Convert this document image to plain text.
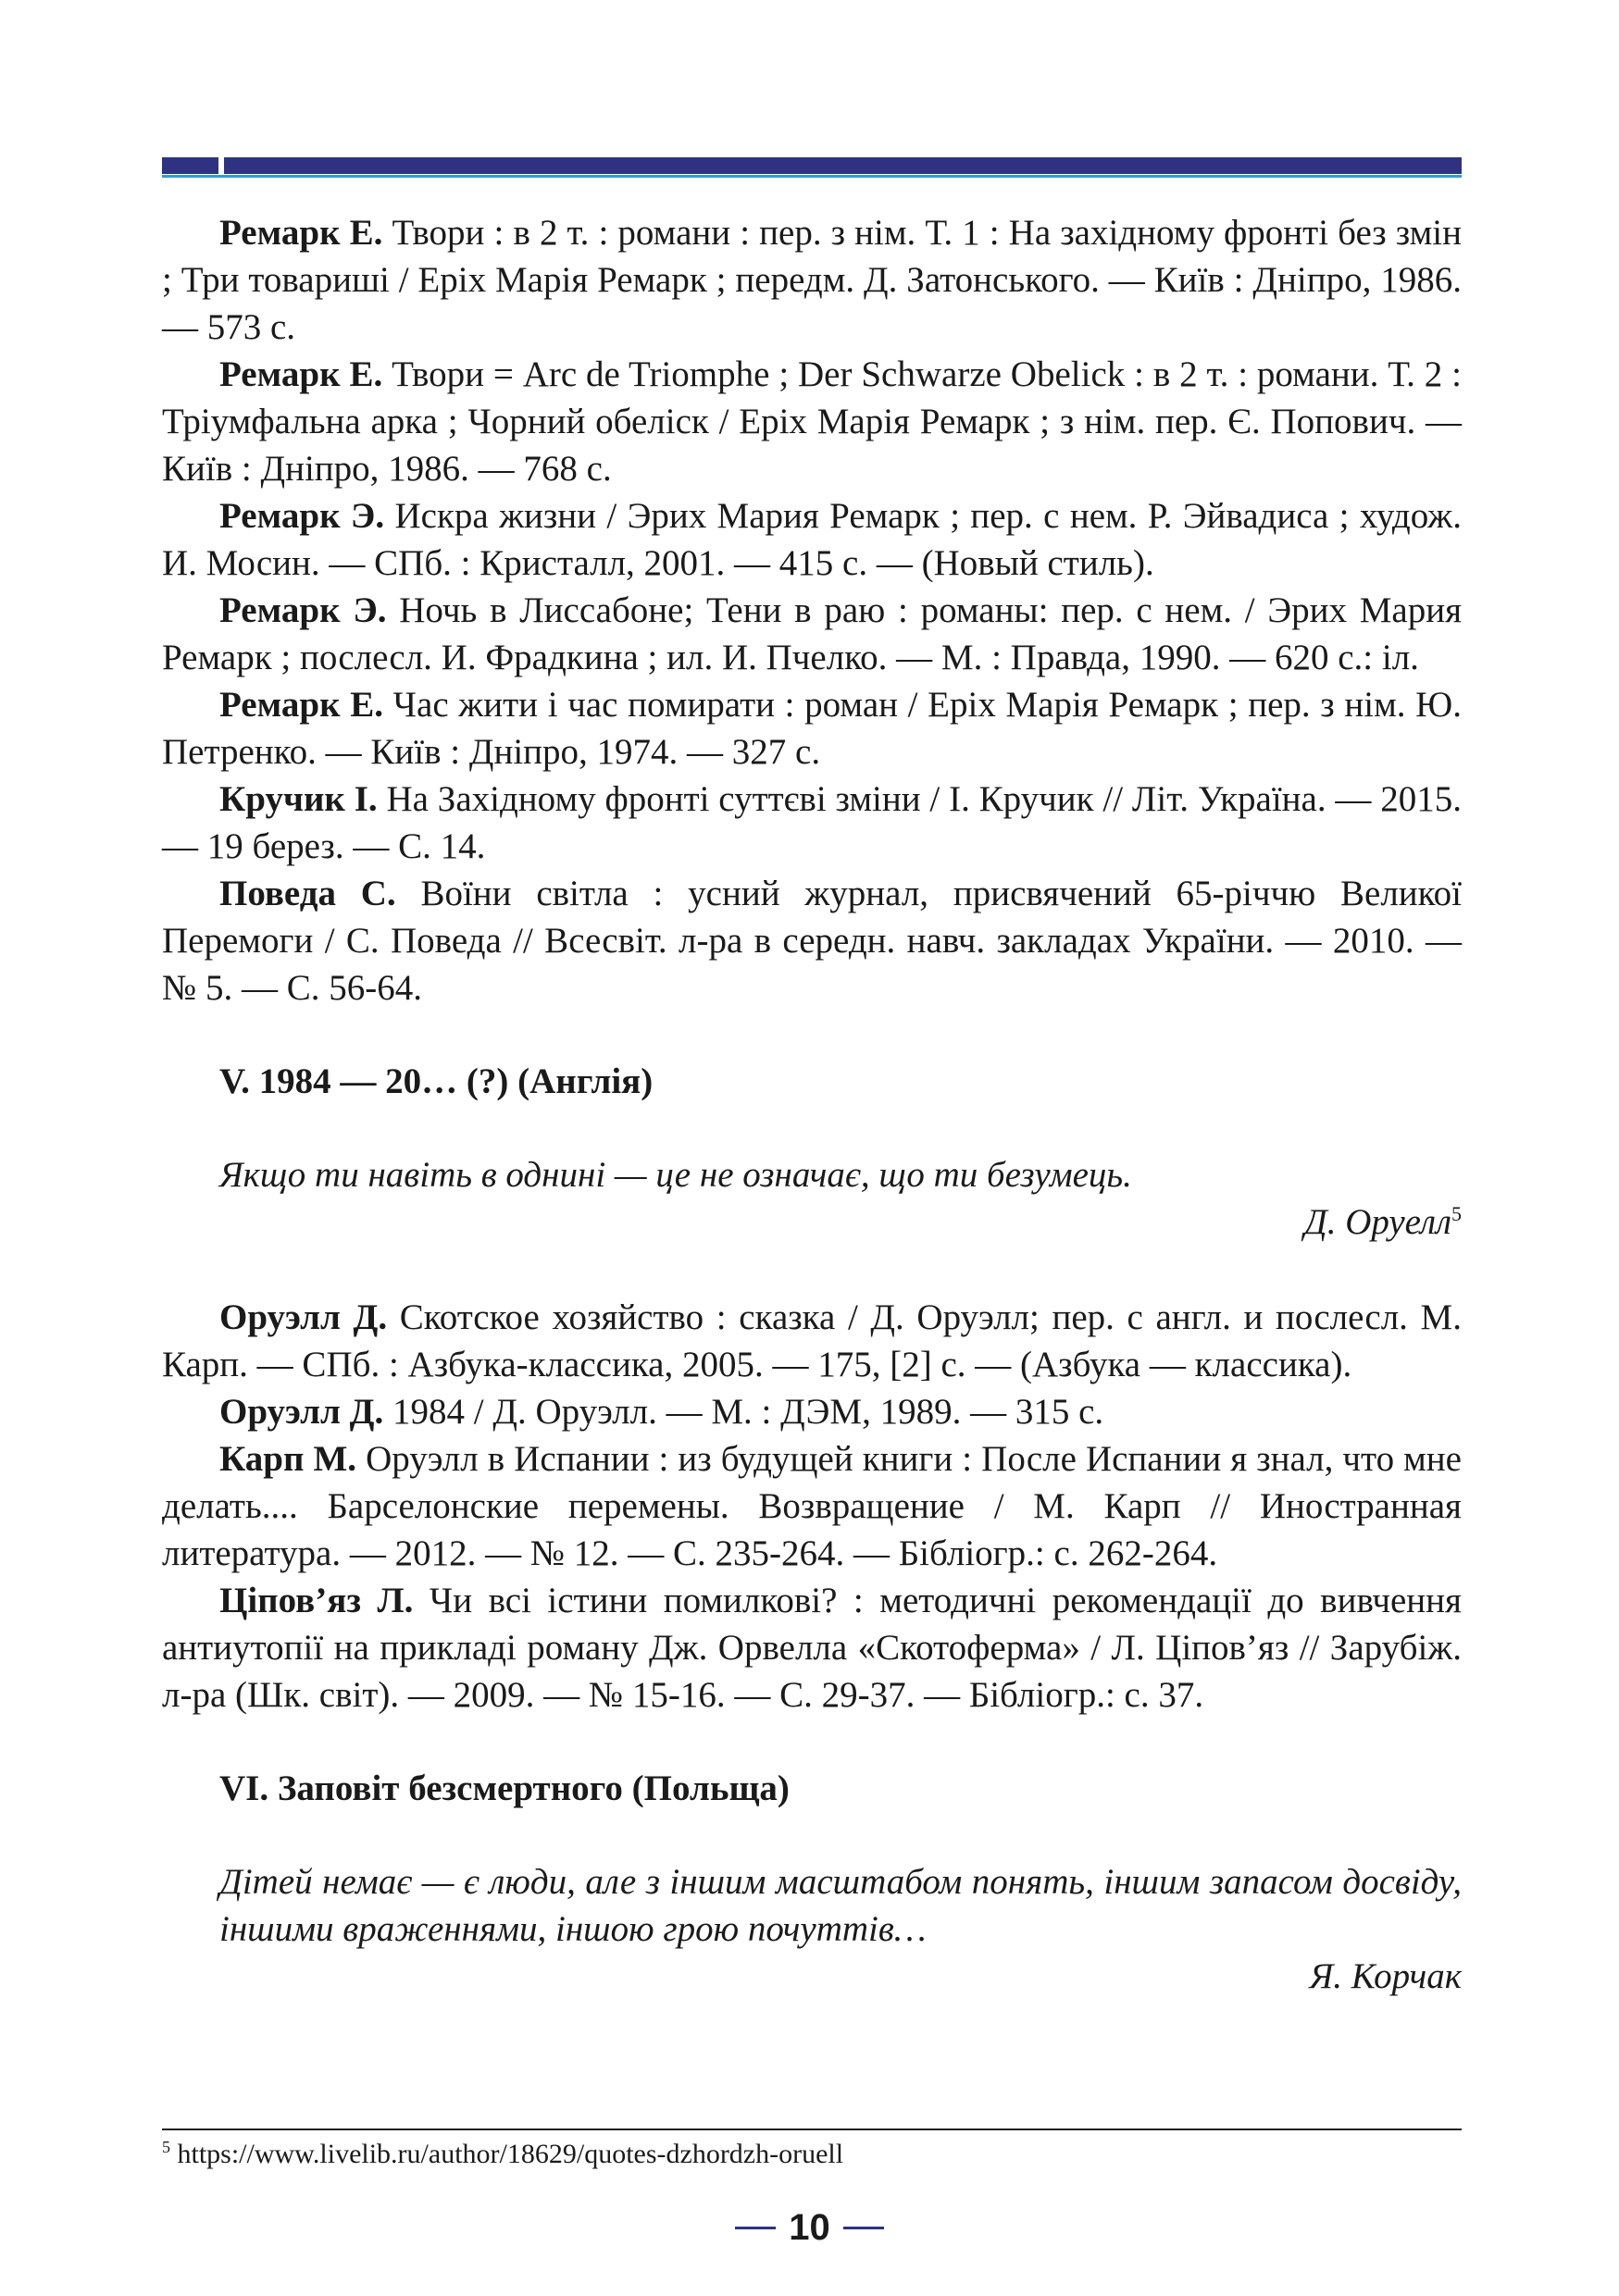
Ремарк Е. Твори : в 2 т. : романи : пер. з нім. Т. 1 : На західному фронті без змін ; Три товариші / Еріх Марія Ремарк ; передм. Д. Затонського. — Київ : Дніпро, 1986. — 573 с.

Ремарк Е. Твори = Arc de Triomphe ; Der Schwarze Obelick : в 2 т. : романи. Т. 2 : Тріумфальна арка ; Чорний обеліск / Еріх Марія Ремарк ; з нім. пер. Є. Попович. — Київ : Дніпро, 1986. — 768 с.

Ремарк Э. Искра жизни / Эрих Мария Ремарк ; пер. с нем. Р. Эйвадиса ; худож. И. Мосин. — СПб. : Кристалл, 2001. — 415 с. — (Новый стиль).

Ремарк Э. Ночь в Лиссабоне; Тени в раю : романы: пер. с нем. / Эрих Мария Ремарк ; послесл. И. Фрадкина ; ил. И. Пчелко. — М. : Правда, 1990. — 620 с.: іл.

Ремарк Е. Час жити і час помирати : роман / Еріх Марія Ремарк ; пер. з нім. Ю. Петренко. — Київ : Дніпро, 1974. — 327 с.

Кручик І. На Західному фронті суттєві зміни / І. Кручик // Літ. Україна. — 2015. — 19 берез. — С. 14.

Поведа С. Воїни світла : усний журнал, присвячений 65-річчю Великої Перемоги / С. Поведа // Всесвіт. л-ра в середн. навч. закладах України. — 2010. — № 5. — С. 56-64.

V. 1984 — 20… (?) (Англія)

Якщо ти навіть в однині — це не означає, що ти безумець.

Д. Оруелл$^5$

Оруэлл Д. Скотское хозяйство : сказка / Д. Оруэлл; пер. с англ. и послесл. М. Карп. — СПб. : Азбука-классика, 2005. — 175, [2] с. — (Азбука — классика).

Оруэлл Д. 1984 / Д. Оруэлл. — М. : ДЭМ, 1989. — 315 с.

Карп М. Оруэлл в Испании : из будущей книги : После Испании я знал, что мне делать.... Барселонские перемены. Возвращение / М. Карп // Иностранная литература. — 2012. — № 12. — С. 235-264. — Бібліогр.: с. 262-264.

Ціпов’яз Л. Чи всі істини помилкові? : методичні рекомендації до вивчення антиутопії на прикладі роману Дж. Орвелла «Скотоферма» / Л. Ціпов’яз // Зарубіж. л-ра (Шк. світ). — 2009. — № 15-16. — С. 29-37. — Бібліогр.: с. 37.

VI. Заповіт безсмертного (Польща)

Дітей немає — є люди, але з іншим масштабом понять, іншим запасом досвіду, іншими враженнями, іншою грою почуттів…

Я. Корчак

$^5$ https://www.livelib.ru/author/18629/quotes-dzhordzh-oruell
10
